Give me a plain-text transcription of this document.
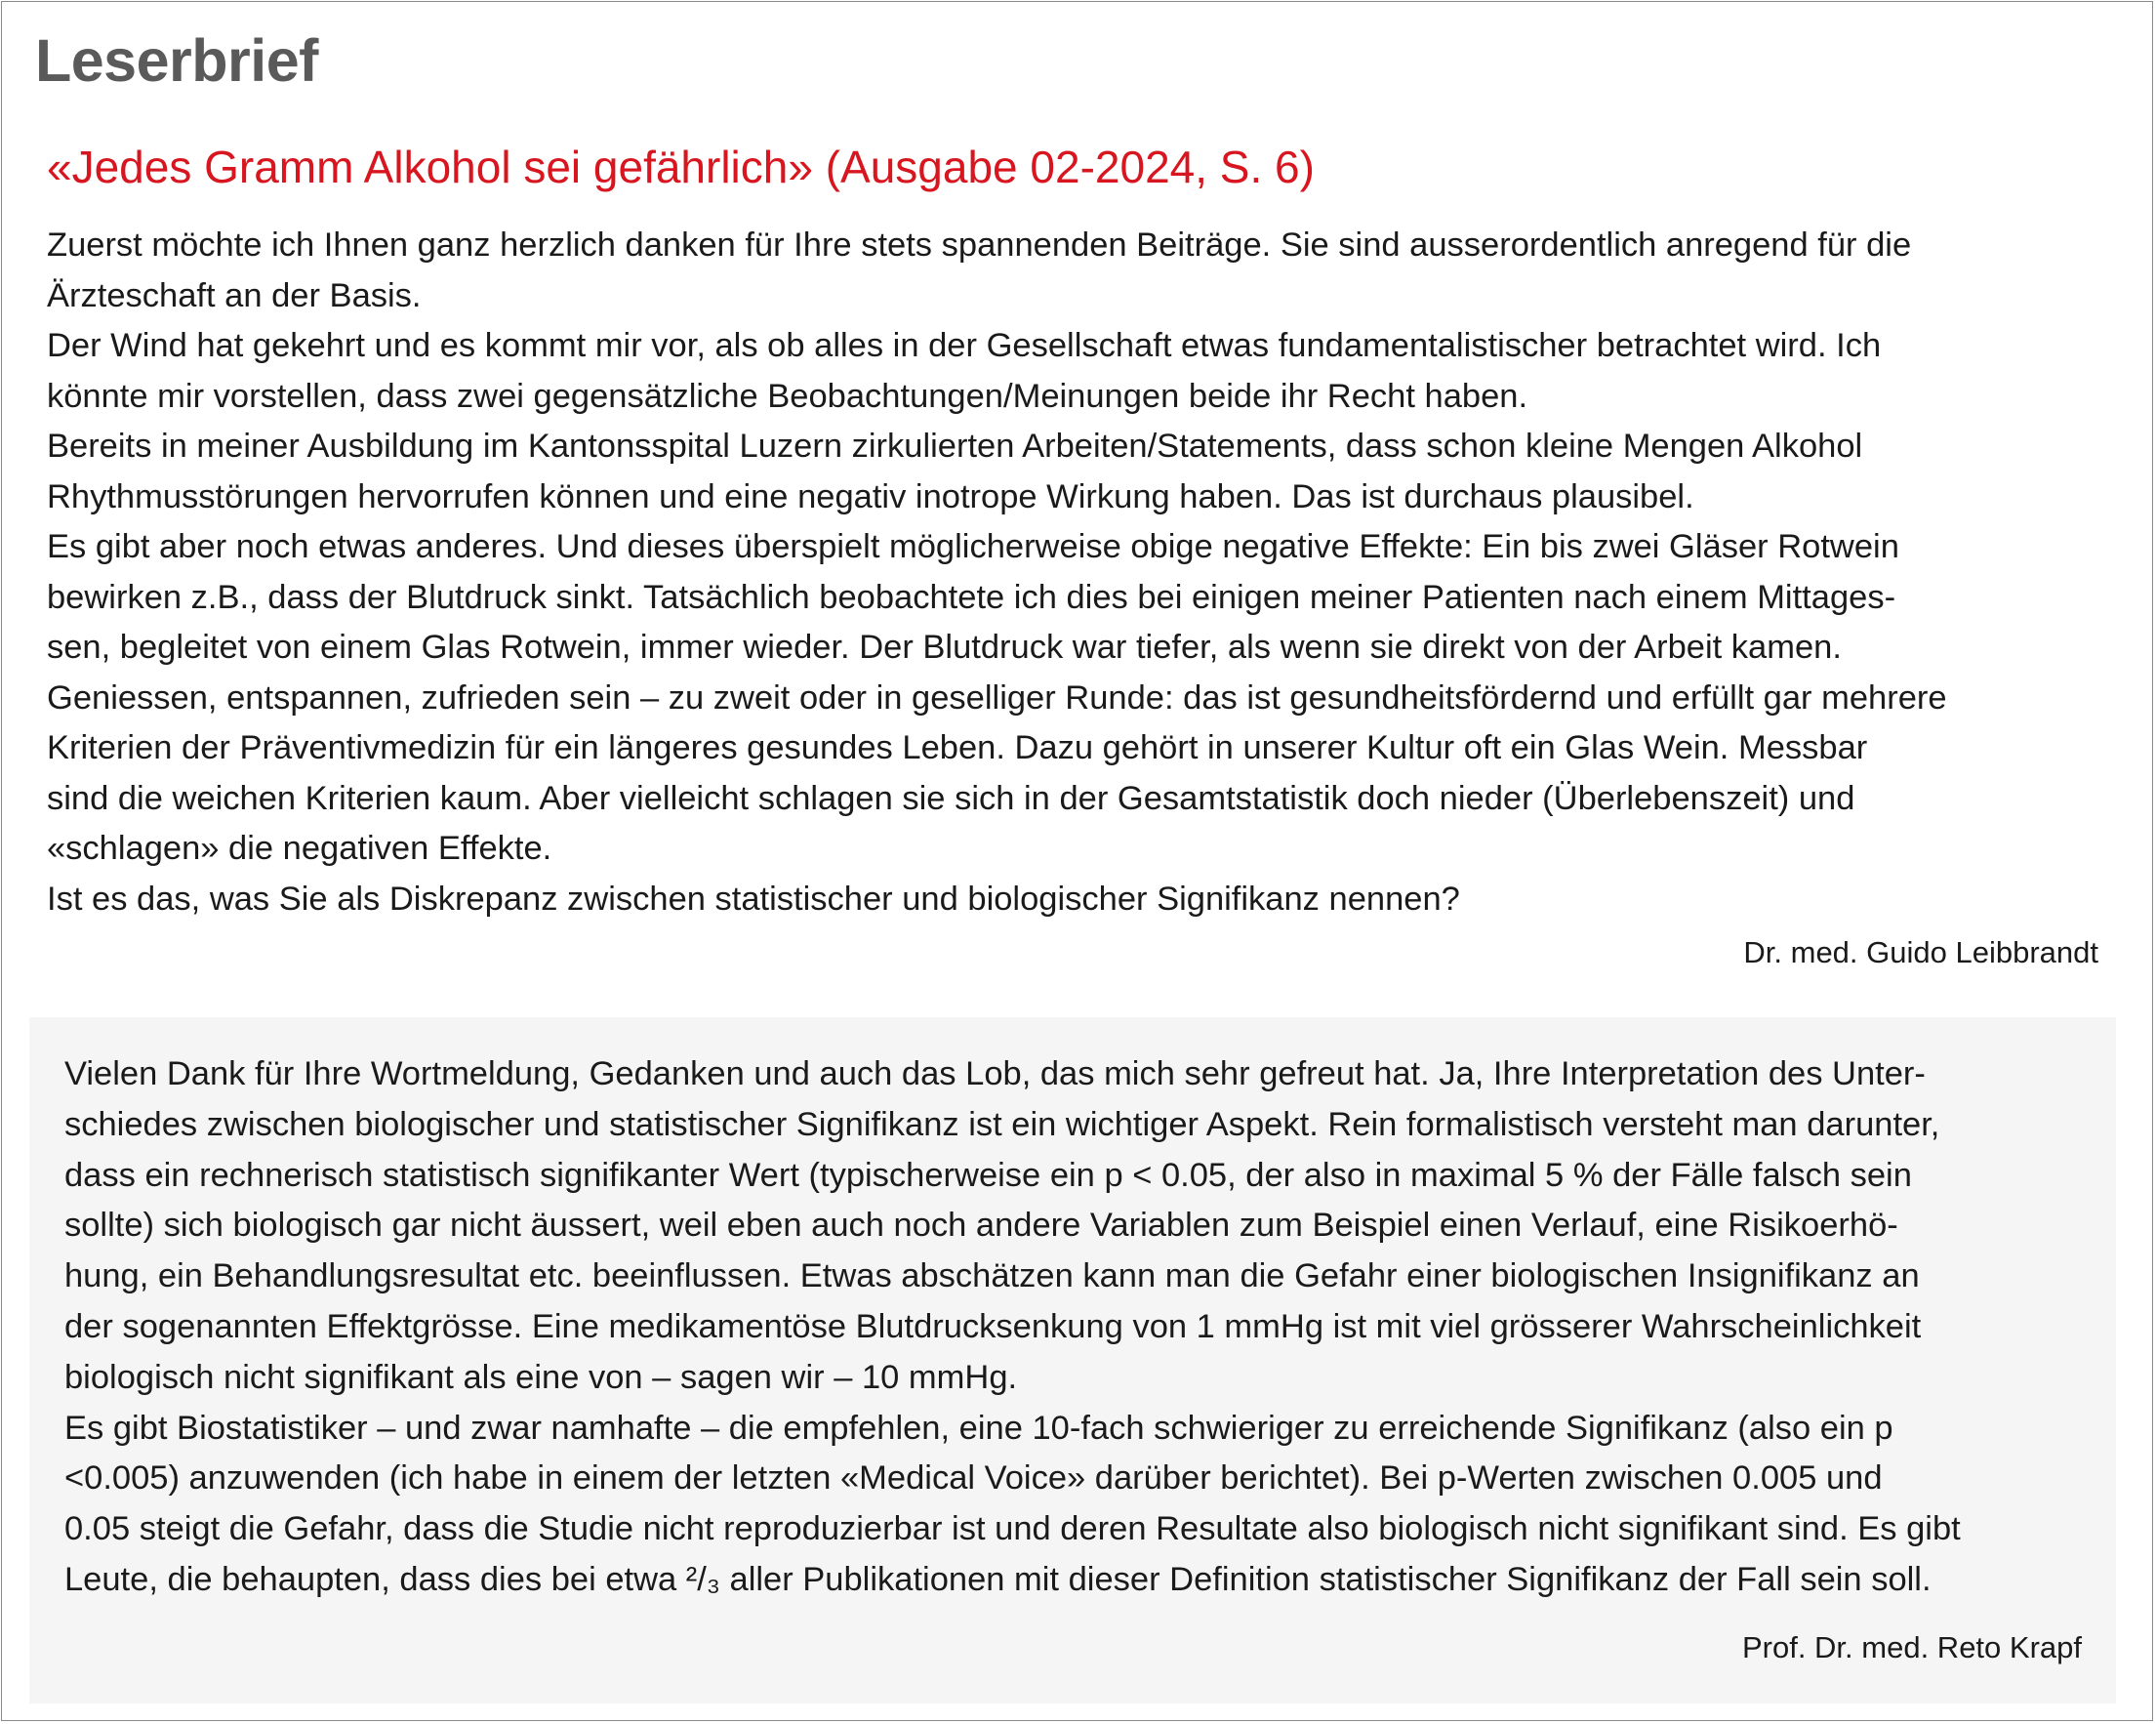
Leserbrief
«Jedes Gramm Alkohol sei gefährlich» (Ausgabe 02-2024, S. 6)

Zuerst möchte ich Ihnen ganz herzlich danken für Ihre stets spannenden Beiträge. Sie sind ausserordentlich anregend für die

Ärzteschaft an der Basis.

Der Wind hat gekehrt und es kommt mir vor, als ob alles in der Gesellschaft etwas fundamentalistischer betrachtet wird. Ich

könnte mir vorstellen, dass zwei gegensätzliche Beobachtungen/Meinungen beide ihr Recht haben.

Bereits in meiner Ausbildung im Kantonsspital Luzern zirkulierten Arbeiten/Statements, dass schon kleine Mengen Alkohol

Rhythmusstörungen hervorrufen können und eine negativ inotrope Wirkung haben. Das ist durchaus plausibel.

Es gibt aber noch etwas anderes. Und dieses überspielt möglicherweise obige negative Effekte: Ein bis zwei Gläser Rotwein

bewirken z.B., dass der Blutdruck sinkt. Tatsächlich beobachtete ich dies bei einigen meiner Patienten nach einem Mittages-

sen, begleitet von einem Glas Rotwein, immer wieder. Der Blutdruck war tiefer, als wenn sie direkt von der Arbeit kamen.

Geniessen, entspannen, zufrieden sein – zu zweit oder in geselliger Runde: das ist gesundheitsfördernd und erfüllt gar mehrere

Kriterien der Präventivmedizin für ein längeres gesundes Leben. Dazu gehört in unserer Kultur oft ein Glas Wein. Messbar

sind die weichen Kriterien kaum. Aber vielleicht schlagen sie sich in der Gesamtstatistik doch nieder (Überlebenszeit) und

«schlagen» die negativen Effekte.

Ist es das, was Sie als Diskrepanz zwischen statistischer und biologischer Signifikanz nennen?

Dr. med. Guido Leibbrandt

Vielen Dank für Ihre Wortmeldung, Gedanken und auch das Lob, das mich sehr gefreut hat. Ja, Ihre Interpretation des Unter-

schiedes zwischen biologischer und statistischer Signifikanz ist ein wichtiger Aspekt. Rein formalistisch versteht man darunter,

dass ein rechnerisch statistisch signifikanter Wert (typischerweise ein p < 0.05, der also in maximal 5 % der Fälle falsch sein

sollte) sich biologisch gar nicht äussert, weil eben auch noch andere Variablen zum Beispiel einen Verlauf, eine Risikoerhö-

hung, ein Behandlungsresultat etc. beeinflussen. Etwas abschätzen kann man die Gefahr einer biologischen Insignifikanz an

der sogenannten Effektgrösse. Eine medikamentöse Blutdrucksenkung von 1 mmHg ist mit viel grösserer Wahrscheinlichkeit

biologisch nicht signifikant als eine von – sagen wir – 10 mmHg.

Es gibt Biostatistiker – und zwar namhafte – die empfehlen, eine 10-fach schwieriger zu erreichende Signifikanz (also ein p

<0.005) anzuwenden (ich habe in einem der letzten «Medical Voice» darüber berichtet). Bei p-Werten zwischen 0.005 und

0.05 steigt die Gefahr, dass die Studie nicht reproduzierbar ist und deren Resultate also biologisch nicht signifikant sind. Es gibt

Leute, die behaupten, dass dies bei etwa ²/₃ aller Publikationen mit dieser Definition statistischer Signifikanz der Fall sein soll.

Prof. Dr. med. Reto Krapf
